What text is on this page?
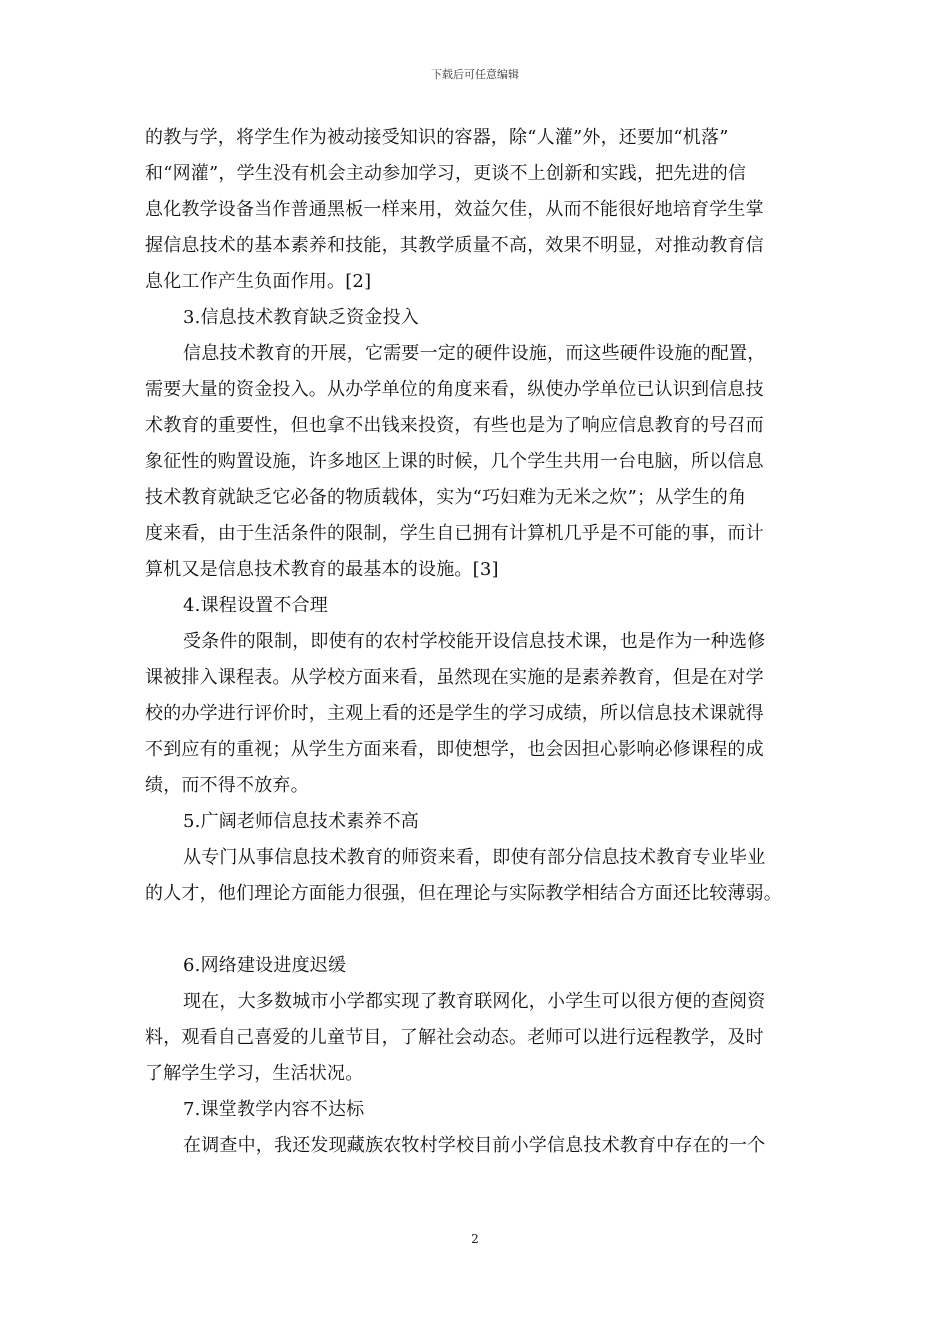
下载后可任意编辑
的教与学，将学生作为被动接受知识的容器，除“人灌”外，还要加“机落”
和“网灌”，学生没有机会主动参加学习，更谈不上创新和实践，把先进的信
息化教学设备当作普通黑板一样来用，效益欠佳，从而不能很好地培育学生掌
握信息技术的基本素养和技能，其教学质量不高，效果不明显，对推动教育信
息化工作产生负面作用。[2]
3.信息技术教育缺乏资金投入
信息技术教育的开展，它需要一定的硬件设施，而这些硬件设施的配置，
需要大量的资金投入。从办学单位的角度来看，纵使办学单位已认识到信息技
术教育的重要性，但也拿不出钱来投资，有些也是为了响应信息教育的号召而
象征性的购置设施，许多地区上课的时候，几个学生共用一台电脑，所以信息
技术教育就缺乏它必备的物质载体，实为“巧妇难为无米之炊”；从学生的角
度来看，由于生活条件的限制，学生自已拥有计算机几乎是不可能的事，而计
算机又是信息技术教育的最基本的设施。[3]
4.课程设置不合理
受条件的限制，即使有的农村学校能开设信息技术课，也是作为一种选修
课被排入课程表。从学校方面来看，虽然现在实施的是素养教育，但是在对学
校的办学进行评价时，主观上看的还是学生的学习成绩，所以信息技术课就得
不到应有的重视；从学生方面来看，即使想学，也会因担心影响必修课程的成
绩，而不得不放弃。
5.广阔老师信息技术素养不高
从专门从事信息技术教育的师资来看，即使有部分信息技术教育专业毕业
的人才，他们理论方面能力很强，但在理论与实际教学相结合方面还比较薄弱。
6.网络建设进度迟缓
现在，大多数城市小学都实现了教育联网化，小学生可以很方便的查阅资
料，观看自己喜爱的儿童节目，了解社会动态。老师可以进行远程教学，及时
了解学生学习，生活状况。
7.课堂教学内容不达标
在调查中，我还发现藏族农牧村学校目前小学信息技术教育中存在的一个
2
